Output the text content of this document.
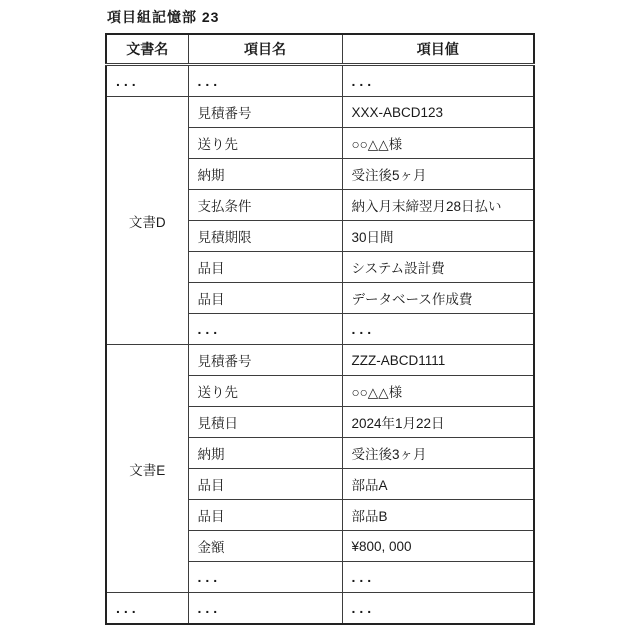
項目組記憶部 23
文書名	項目名	項目値
...	...	...
文書D	見積番号	XXX-ABCD123
	送り先	○○△△様
	納期	受注後5ヶ月
	支払条件	納入月末締翌月28日払い
	見積期限	30日間
	品目	システム設計費
	品目	データベース作成費
	...	...
文書E	見積番号	ZZZ-ABCD1111
	送り先	○○△△様
	見積日	2024年1月22日
	納期	受注後3ヶ月
	品目	部品A
	品目	部品B
	金額	¥800, 000
	...	...
...	...	...
